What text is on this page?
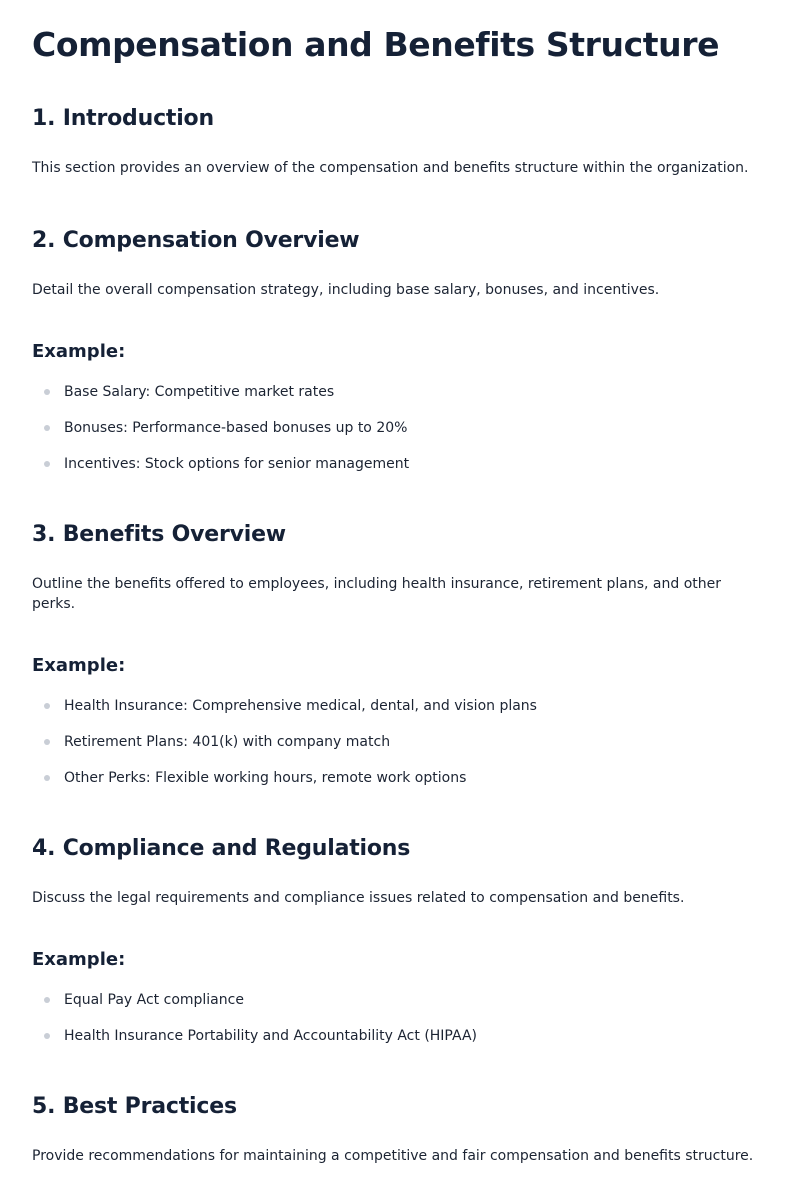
Compensation and Benefits Structure
1. Introduction

This section provides an overview of the compensation and benefits structure within the organization.

2. Compensation Overview

Detail the overall compensation strategy, including base salary, bonuses, and incentives.

Example:
Base Salary: Competitive market rates
Bonuses: Performance-based bonuses up to 20%
Incentives: Stock options for senior management
3. Benefits Overview

Outline the benefits offered to employees, including health insurance, retirement plans, and other perks.

Example:
Health Insurance: Comprehensive medical, dental, and vision plans
Retirement Plans: 401(k) with company match
Other Perks: Flexible working hours, remote work options
4. Compliance and Regulations

Discuss the legal requirements and compliance issues related to compensation and benefits.

Example:
Equal Pay Act compliance
Health Insurance Portability and Accountability Act (HIPAA)
5. Best Practices

Provide recommendations for maintaining a competitive and fair compensation and benefits structure.
